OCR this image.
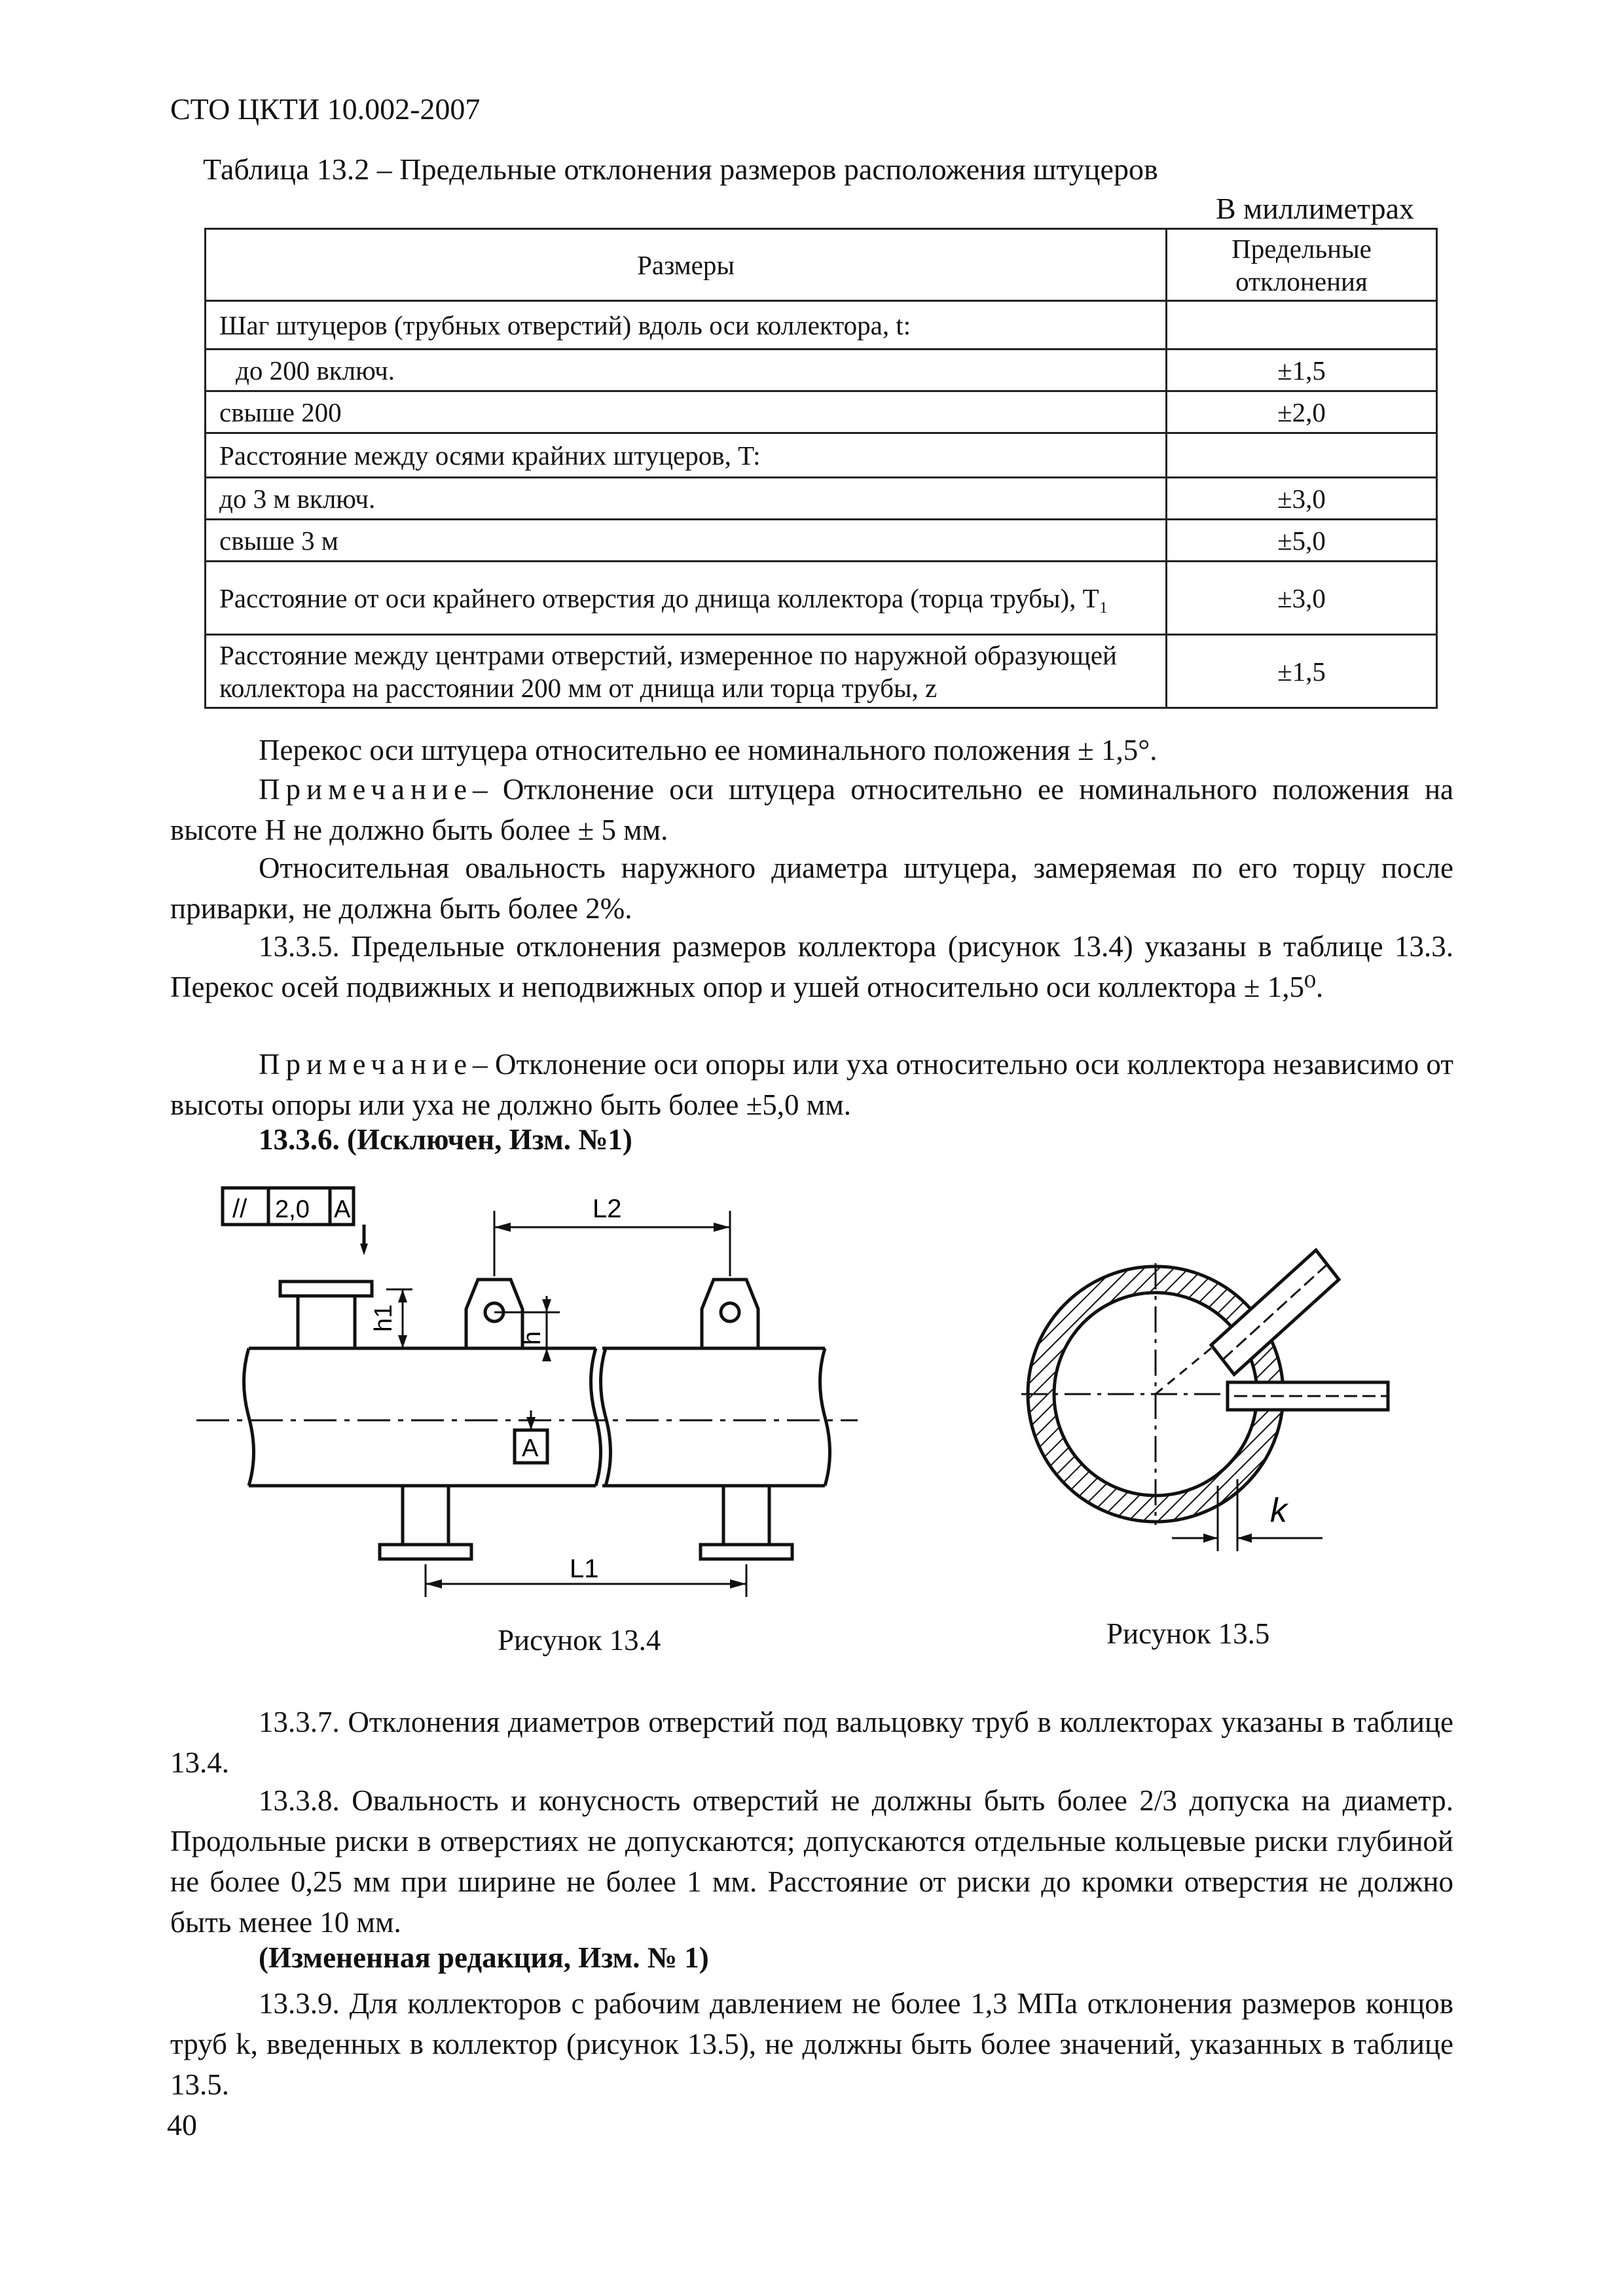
СТО ЦКТИ 10.002-2007
Таблица 13.2 – Предельные отклонения размеров расположения штуцеров
В миллиметрах
Размеры	Предельные отклонения
Шаг штуцеров (трубных отверстий) вдоль оси коллектора, t:	
до 200 включ.	±1,5
свыше 200	±2,0
Расстояние между осями крайних штуцеров, T:	
до 3 м включ.	±3,0
свыше 3 м	±5,0
Расстояние от оси крайнего отверстия до днища коллектора (торца трубы), T₁	±3,0
Расстояние между центрами отверстий, измеренное по наружной образующей коллектора на расстоянии 200 мм от днища или торца трубы, z	±1,5
Перекос оси штуцера относительно ее номинального положения ± 1,5°.
Примечание– Отклонение оси штуцера относительно ее номинального положения на высоте H не должно быть более ± 5 мм.
Относительная овальность наружного диаметра штуцера, замеряемая по его торцу после приварки, не должна быть более 2%.
13.3.5. Предельные отклонения размеров коллектора (рисунок 13.4) указаны в таблице 13.3. Перекос осей подвижных и неподвижных опор и ушей относительно оси коллектора ± 1,5⁰.
Примечание– Отклонение оси опоры или уха относительно оси коллектора независимо от высоты опоры или уха не должно быть более ±5,0 мм.
13.3.6. (Исключен, Изм. №1)
// 2,0 A	L2
h1
h
A
L1
Рисунок 13.4
k
Рисунок 13.5
13.3.7. Отклонения диаметров отверстий под вальцовку труб в коллекторах указаны в таблице 13.4.
13.3.8. Овальность и конусность отверстий не должны быть более 2/3 допуска на диаметр. Продольные риски в отверстиях не допускаются; допускаются отдельные кольцевые риски глубиной не более 0,25 мм при ширине не более 1 мм. Расстояние от риски до кромки отверстия не должно быть менее 10 мм.
(Измененная редакция, Изм. № 1)
13.3.9. Для коллекторов с рабочим давлением не более 1,3 МПа отклонения размеров концов труб k, введенных в коллектор (рисунок 13.5), не должны быть более значений, указанных в таблице 13.5.
40
